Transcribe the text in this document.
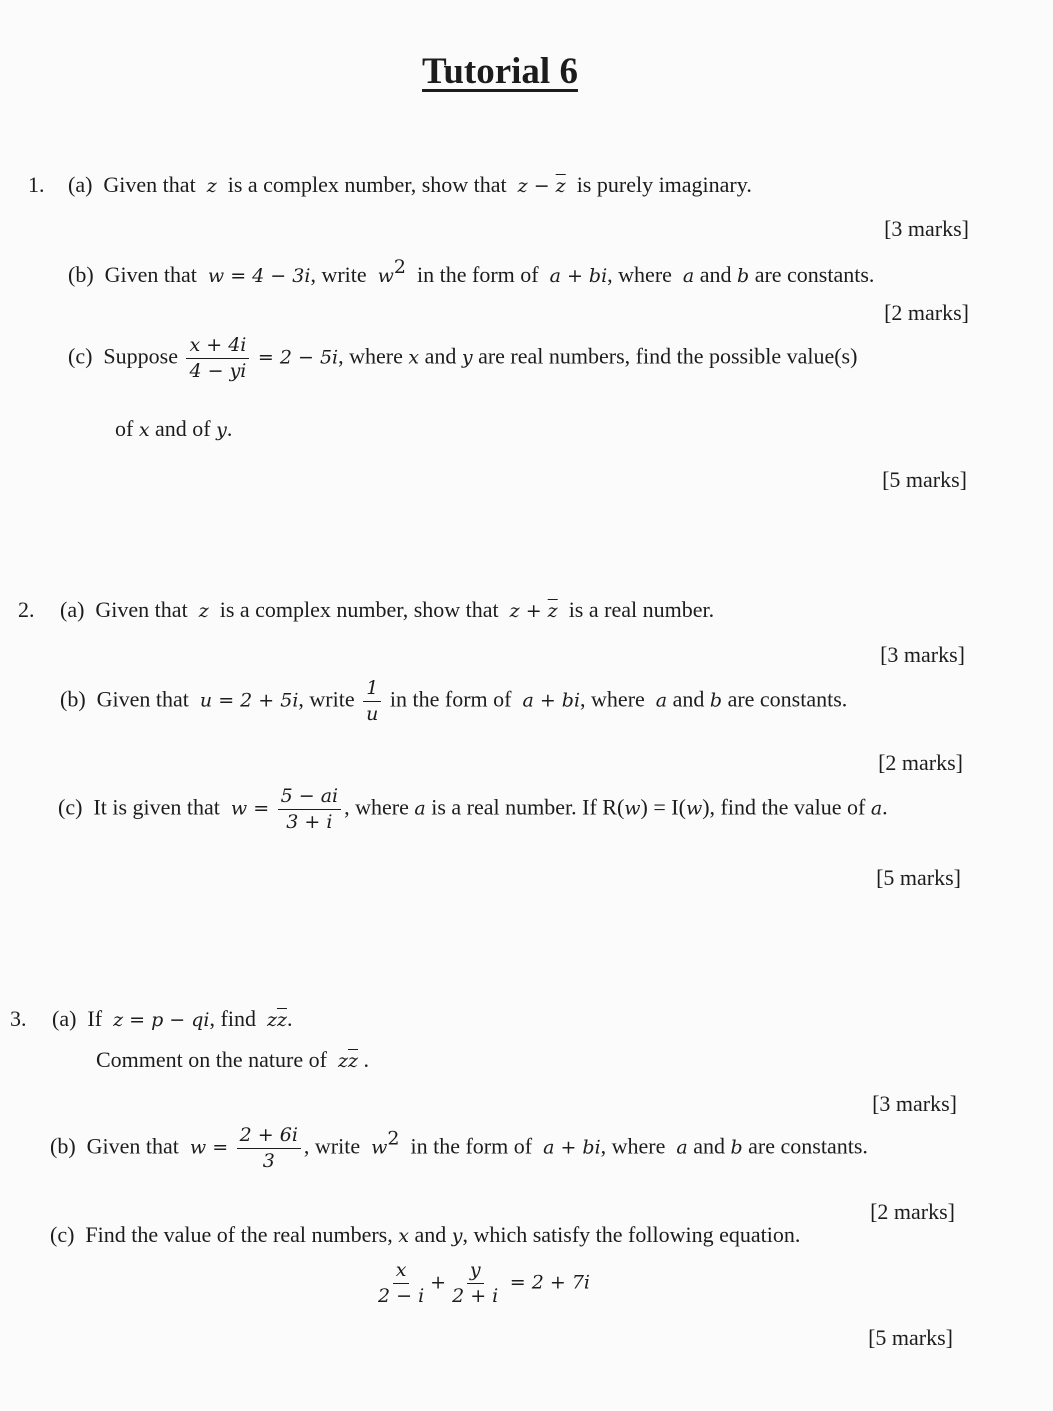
Tutorial 6
1. (a) Given that z is a complex number, show that $z - \overline{z}$ is purely imaginary.
[3 marks]
(b) Given that w = 4 − 3i, write $w^2$ in the form of a + bi, where a and b are constants.
[2 marks]
(c) Suppose $\frac{x + 4i}{4 - yi} = 2 - 5i$, where x and y are real numbers, find the possible value(s)
of x and of y.
[5 marks]
2. (a) Given that z is a complex number, show that $z + \overline{z}$ is a real number.
[3 marks]
(b) Given that u = 2 + 5i, write $\frac{1}{u}$ in the form of a + bi, where a and b are constants.
[2 marks]
(c) It is given that $w = \frac{5 - ai}{3 + i}$ , where a is a real number. If R(w) = I(w), find the value of a.
[5 marks]
3. (a) If z = p − qi, find $z\overline{z}$.
Comment on the nature of $z\overline{z}$ .
[3 marks]
(b) Given that $w = \frac{2 + 6i}{3}$ , write $w^2$ in the form of a + bi, where a and b are constants.
[2 marks]
(c) Find the value of the real numbers, x and y, which satisfy the following equation.
$\frac{x}{2 - i} + \frac{y}{2 + i} = 2 + 7i$
[5 marks]
